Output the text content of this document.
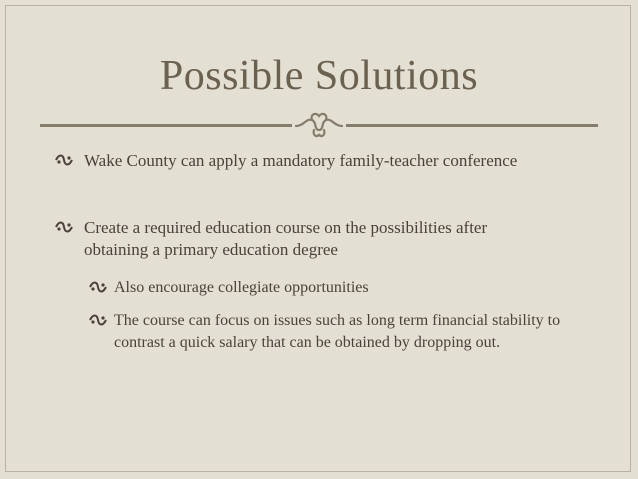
Possible Solutions
Wake County can apply a mandatory family-teacher conference
Create a required education course on the possibilities after obtaining a primary education degree
Also encourage collegiate opportunities
The course can focus on issues such as long term financial stability to contrast a quick salary that can be obtained by dropping out.
